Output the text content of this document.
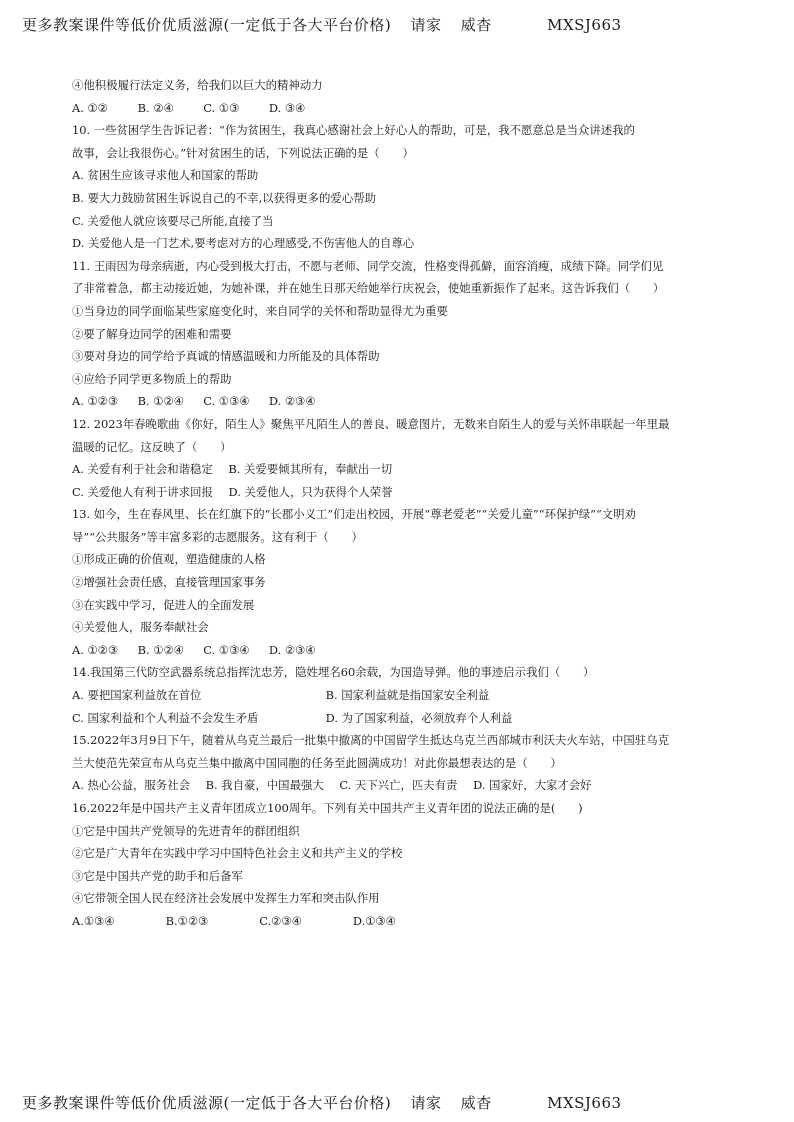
更多教案课件等低价优质滋源(一定低于各大平台价格) 请家 威杳	MXSJ663
④他积极履行法定义务，给我们以巨大的精神动力
A. ①②	B. ②④	C. ①③	D. ③④
10. 一些贫困学生告诉记者：“作为贫困生，我真心感谢社会上好心人的帮助，可是，我不愿意总是当众讲述我的
故事，会让我很伤心。”针对贫困生的话，下列说法正确的是（　　）
A. 贫困生应该寻求他人和国家的帮助
B. 要大力鼓励贫困生诉说自己的不幸,以获得更多的爱心帮助
C. 关爱他人就应该要尽己所能,直接了当
D. 关爱他人是一门艺术,要考虑对方的心理感受,不伤害他人的自尊心
11. 王雨因为母亲病逝，内心受到极大打击，不愿与老师、同学交流，性格变得孤僻，面容消瘦，成绩下降。同学们见
了非常着急，都主动接近她，为她补课，并在她生日那天给她举行庆祝会，使她重新振作了起来。这告诉我们（　　）
①当身边的同学面临某些家庭变化时，来自同学的关怀和帮助显得尤为重要
②要了解身边同学的困难和需要
③要对身边的同学给予真诚的情感温暖和力所能及的具体帮助
④应给予同学更多物质上的帮助
A. ①②③ B. ①②④ C. ①③④ D. ②③④
12. 2023年春晚歌曲《你好，陌生人》聚焦平凡陌生人的善良、暖意图片，无数来自陌生人的爱与关怀串联起一年里最
温暖的记忆。这反映了（　　）
A. 关爱有利于社会和谐稳定 B. 关爱要倾其所有，奉献出一切
C. 关爱他人有利于讲求回报 D. 关爱他人，只为获得个人荣誉
13. 如今，生在春风里、长在红旗下的“长郡小义工”们走出校园，开展“尊老爱老”“关爱儿童”“环保护绿”“文明劝
导”“公共服务”等丰富多彩的志愿服务。这有利于（　　）
①形成正确的价值观，塑造健康的人格
②增强社会责任感，直接管理国家事务
③在实践中学习，促进人的全面发展
④关爱他人，服务奉献社会
A. ①②③ B. ①②④ C. ①③④ D. ②③④
14.我国第三代防空武器系统总指挥沈忠芳，隐姓埋名60余载，为国造导弹。他的事迹启示我们（　　）
A. 要把国家利益放在首位	B. 国家利益就是指国家安全利益
C. 国家利益和个人利益不会发生矛盾	D. 为了国家利益，必须放弃个人利益
15.2022年3月9日下午，随着从乌克兰最后一批集中撤离的中国留学生抵达乌克兰西部城市利沃夫火车站，中国驻乌克
兰大使范先荣宣布从乌克兰集中撤离中国同胞的任务至此圆满成功！对此你最想表达的是（　　）
A. 热心公益，服务社会 B. 我自豪，中国最强大 C. 天下兴亡，匹夫有责 D. 国家好，大家才会好
16.2022年是中国共产主义青年团成立100周年。下列有关中国共产主义青年团的说法正确的是(　　)
①它是中国共产党领导的先进青年的群团组织
②它是广大青年在实践中学习中国特色社会主义和共产主义的学校
③它是中国共产党的助手和后备军
④它带领全国人民在经济社会发展中发挥生力军和突击队作用
A.①③④	B.①②③	C.②③④	D.①③④
更多教案课件等低价优质滋源(一定低于各大平台价格) 请家 威杳	MXSJ663
